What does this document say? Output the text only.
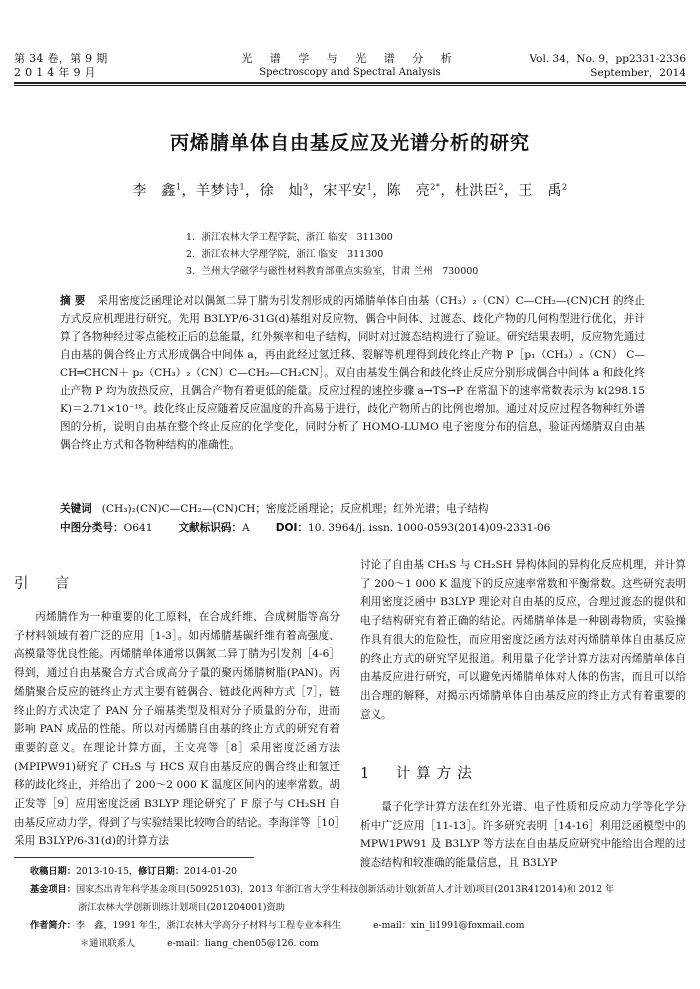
第 34 卷，第 9 期
2 0 1 4 年 9 月
光 谱 学 与 光 谱 分 析
Spectroscopy and Spectral Analysis
Vol. 34，No. 9，pp2331-2336
September，2014
丙烯腈单体自由基反应及光谱分析的研究
李　鑫$^1$，羊梦诗$^1$，徐　灿$^3$，宋平安$^1$，陈　亮$^{2*}$，杜洪臣$^2$，王　禹$^2$
1．浙江农林大学工程学院，浙江 临安　311300
2．浙江农林大学理学院，浙江 临安　311300
3．兰州大学磁学与磁性材料教育部重点实验室，甘肃 兰州　730000
摘要 采用密度泛函理论对以偶氮二异丁腈为引发剂形成的丙烯腈单体自由基（CH₃）₂（CN）C—CH₂—(CN)CH 的终止方式反应机理进行研究。先用 B3LYP/6-31G(d)基组对反应物、偶合中间体、过渡态、歧化产物的几何构型进行优化，并计算了各物种经过零点能校正后的总能量，红外频率和电子结构，同时对过渡态结构进行了验证。研究结果表明，反应物先通过自由基的偶合终止方式形成偶合中间体 a，再由此经过氢迁移、裂解等机理得到歧化终止产物 P［p₁（CH₃）₂（CN） C—CH═CHCN＋ p₂（CH₃）₂（CN）C—CH₂—CH₂CN］。双自由基发生偶合和歧化终止反应分别形成偶合中间体 a 和歧化终止产物 P 均为放热反应，且偶合产物有着更低的能量。反应过程的速控步骤 a→TS→P 在常温下的速率常数表示为 k(298.15 K)＝2.71×10⁻¹⁸。歧化终止反应随着反应温度的升高易于进行，歧化产物所占的比例也增加。通过对反应过程各物种红外谱图的分析，说明自由基在整个终止反应的化学变化，同时分析了 HOMO-LUMO 电子密度分布的信息，验证丙烯腈双自由基偶合终止方式和各物种结构的准确性。
关键词 (CH₃)₂(CN)C—CH₂—(CN)CH；密度泛函理论；反应机理；红外光谱；电子结构
中图分类号：O641 文献标识码：A DOI：10. 3964/j. issn. 1000-0593(2014)09-2331-06
引　言

丙烯腈作为一种重要的化工原料，在合成纤维、合成树脂等高分子材料领域有着广泛的应用［1-3］。如丙烯腈基碳纤维有着高强度、高模量等优良性能。丙烯腈单体通常以偶氮二异丁腈为引发剂［4-6］得到，通过自由基聚合方式合成高分子量的聚丙烯腈树脂(PAN)。丙烯腈聚合反应的链终止方式主要有链偶合、链歧化两种方式［7］，链终止的方式决定了 PAN 分子端基类型及相对分子质量的分布，进而影响 PAN 成品的性能。所以对丙烯腈自由基的终止方式的研究有着重要的意义。在理论计算方面，王文亮等［8］采用密度泛函方法(MPIPW91)研究了 CH₂S 与 HCS 双自由基反应的偶合终止和氢迁移的歧化终止，并给出了 200～2 000 K 温度区间内的速率常数。胡正发等［9］应用密度泛函 B3LYP 理论研究了 F 原子与 CH₂SH 自由基反应动力学，得到了与实验结果比较吻合的结论。李海洋等［10］采用 B3LYP/6-31(d)的计算方法

讨论了自由基 CH₃S 与 CH₂SH 异构体间的异构化反应机理，并计算了 200～1 000 K 温度下的反应速率常数和平衡常数。这些研究表明利用密度泛函中 B3LYP 理论对自由基的反应，合理过渡态的提供和电子结构研究有着正确的结论。丙烯腈单体是一种剧毒物质，实验操作具有很大的危险性，而应用密度泛函方法对丙烯腈单体自由基反应的终止方式的研究罕见报道。利用量子化学计算方法对丙烯腈单体自由基反应进行研究，可以避免丙烯腈单体对人体的伤害，而且可以给出合理的解释，对揭示丙烯腈单体自由基反应的终止方式有着重要的意义。

1　计算方法

量子化学计算方法在红外光谱、电子性质和反应动力学等化学分析中广泛应用［11-13］。许多研究表明［14-16］利用泛函模型中的 MPW1PW91 及 B3LYP 等方法在自由基反应研究中能给出合理的过渡态结构和较准确的能量信息，且 B3LYP

收稿日期：2013-10-15，修订日期：2014-01-20
基金项目：国家杰出青年科学基金项目(50925103)，2013 年浙江省大学生科技创新活动计划(新苗人才计划)项目(2013R412014)和 2012 年
浙江农林大学创新训练计划项目(201204001)资助
作者简介：李　鑫，1991 年生，浙江农林大学高分子材料与工程专业本科生	e-mail：xin_li1991@foxmail.com
＊通讯联系人	e-mail：liang_chen05@126. com
